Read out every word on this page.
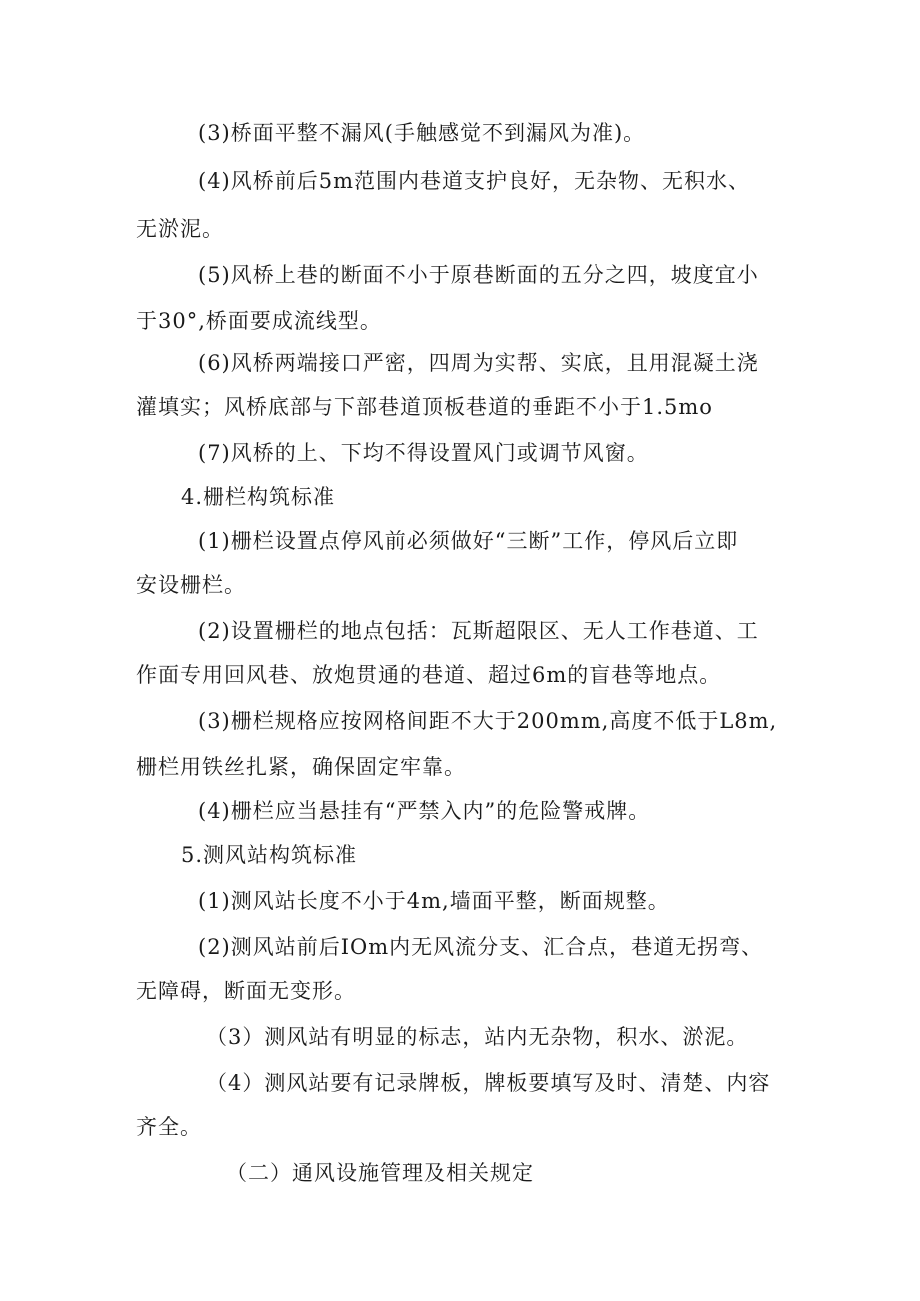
(3)桥面平整不漏风(手触感觉不到漏风为准)。
(4)风桥前后5m范围内巷道支护良好，无杂物、无积水、
无淤泥。
(5)风桥上巷的断面不小于原巷断面的五分之四，坡度宜小
于30°,桥面要成流线型。
(6)风桥两端接口严密，四周为实帮、实底，且用混凝土浇
灌填实；风桥底部与下部巷道顶板巷道的垂距不小于1.5mo
(7)风桥的上、下均不得设置风门或调节风窗。
4.栅栏构筑标准
(1)栅栏设置点停风前必须做好“三断”工作，停风后立即
安设栅栏。
(2)设置栅栏的地点包括：瓦斯超限区、无人工作巷道、工
作面专用回风巷、放炮贯通的巷道、超过6m的盲巷等地点。
(3)栅栏规格应按网格间距不大于200mm,高度不低于L8m,
栅栏用铁丝扎紧，确保固定牢靠。
(4)栅栏应当悬挂有“严禁入内”的危险警戒牌。
5.测风站构筑标准
(1)测风站长度不小于4m,墙面平整，断面规整。
(2)测风站前后IOm内无风流分支、汇合点，巷道无拐弯、
无障碍，断面无变形。
（3）测风站有明显的标志，站内无杂物，积水、淤泥。
（4）测风站要有记录牌板，牌板要填写及时、清楚、内容
齐全。
（二）通风设施管理及相关规定
